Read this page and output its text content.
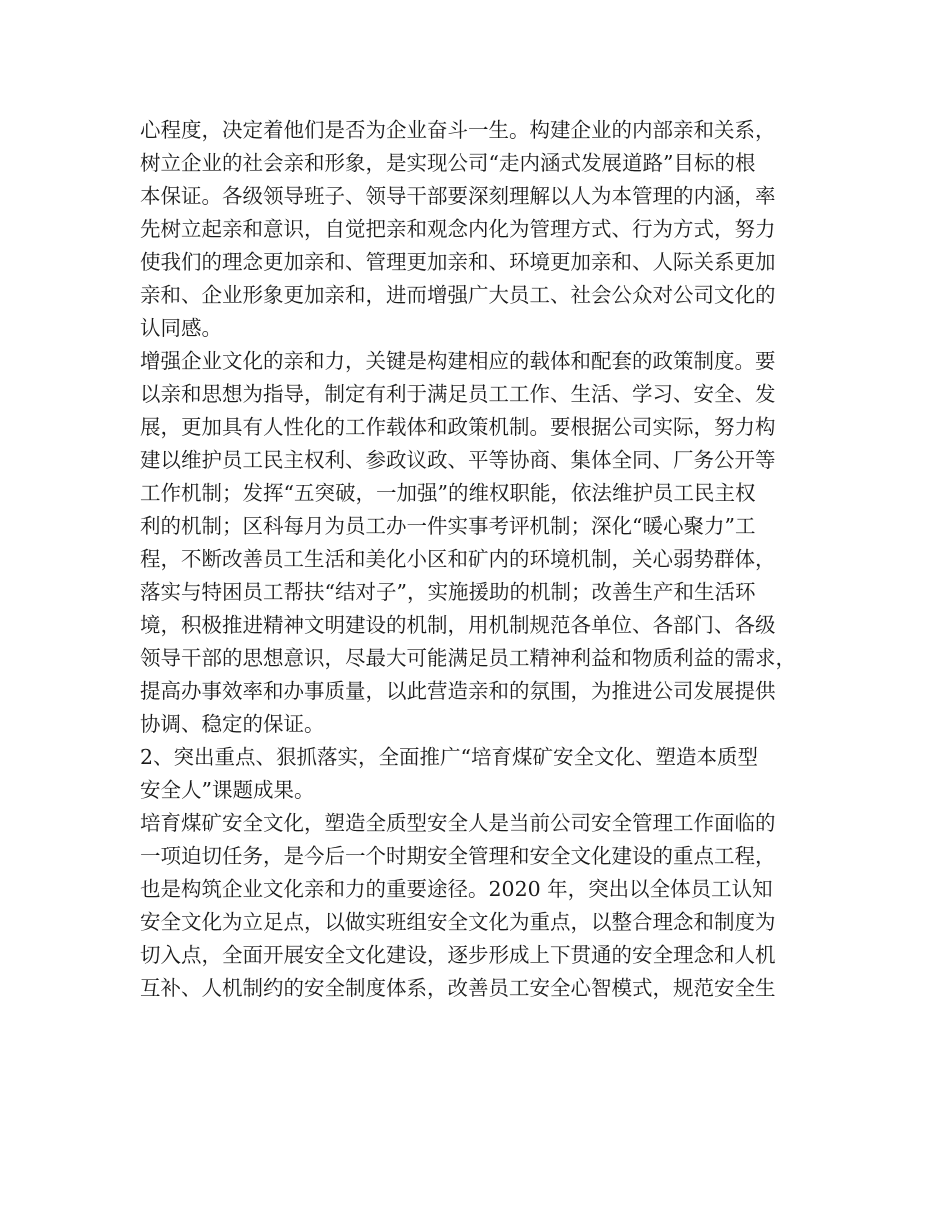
心程度，决定着他们是否为企业奋斗一生。构建企业的内部亲和关系，
树立企业的社会亲和形象，是实现公司“走内涵式发展道路”目标的根
本保证。各级领导班子、领导干部要深刻理解以人为本管理的内涵，率
先树立起亲和意识，自觉把亲和观念内化为管理方式、行为方式，努力
使我们的理念更加亲和、管理更加亲和、环境更加亲和、人际关系更加
亲和、企业形象更加亲和，进而增强广大员工、社会公众对公司文化的
认同感。
增强企业文化的亲和力，关键是构建相应的载体和配套的政策制度。要
以亲和思想为指导，制定有利于满足员工工作、生活、学习、安全、发
展，更加具有人性化的工作载体和政策机制。要根据公司实际，努力构
建以维护员工民主权利、参政议政、平等协商、集体全同、厂务公开等
工作机制；发挥“五突破，一加强”的维权职能，依法维护员工民主权
利的机制；区科每月为员工办一件实事考评机制；深化“暖心聚力”工
程，不断改善员工生活和美化小区和矿内的环境机制，关心弱势群体，
落实与特困员工帮扶“结对子”，实施援助的机制；改善生产和生活环
境，积极推进精神文明建设的机制，用机制规范各单位、各部门、各级
领导干部的思想意识，尽最大可能满足员工精神利益和物质利益的需求，
提高办事效率和办事质量，以此营造亲和的氛围，为推进公司发展提供
协调、稳定的保证。
2、突出重点、狠抓落实，全面推广“培育煤矿安全文化、塑造本质型
安全人”课题成果。
培育煤矿安全文化，塑造全质型安全人是当前公司安全管理工作面临的
一项迫切任务，是今后一个时期安全管理和安全文化建设的重点工程，
也是构筑企业文化亲和力的重要途径。2020 年，突出以全体员工认知
安全文化为立足点，以做实班组安全文化为重点，以整合理念和制度为
切入点，全面开展安全文化建设，逐步形成上下贯通的安全理念和人机
互补、人机制约的安全制度体系，改善员工安全心智模式，规范安全生
